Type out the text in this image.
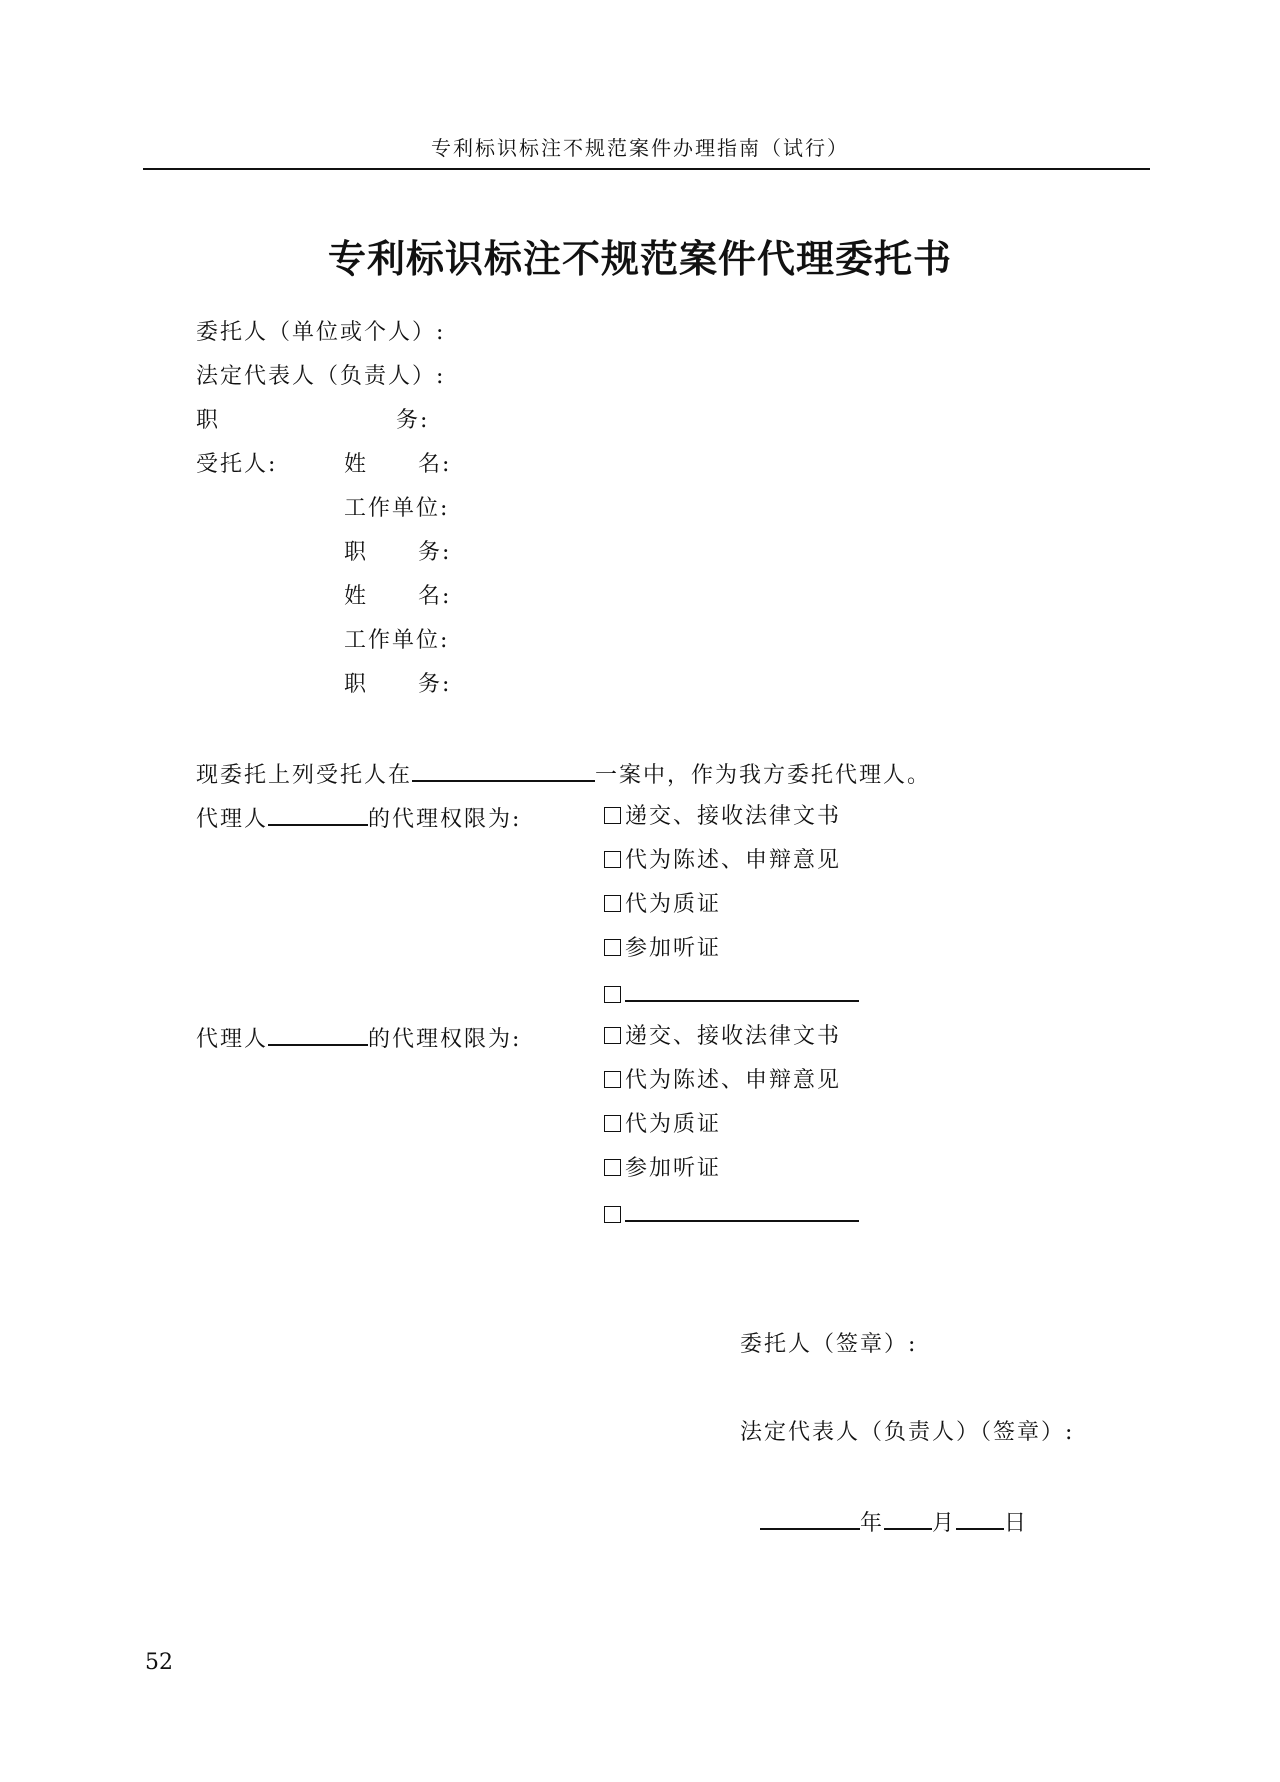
专利标识标注不规范案件办理指南（试行）
专利标识标注不规范案件代理委托书
委托人（单位或个人）:
法定代表人（负责人）:
职	务:
受托人:	姓 名:
工作单位:
职 务:
姓 名:
工作单位:
职 务:
现委托上列受托人在	一案中，作为我方委托代理人。
代理人	的代理权限为:	递交、接收法律文书
代为陈述、申辩意见
代为质证
参加听证
代理人	的代理权限为:	递交、接收法律文书
代为陈述、申辩意见
代为质证
参加听证
委托人（签章）:
法定代表人（负责人）（签章）:
年 月 日
52
